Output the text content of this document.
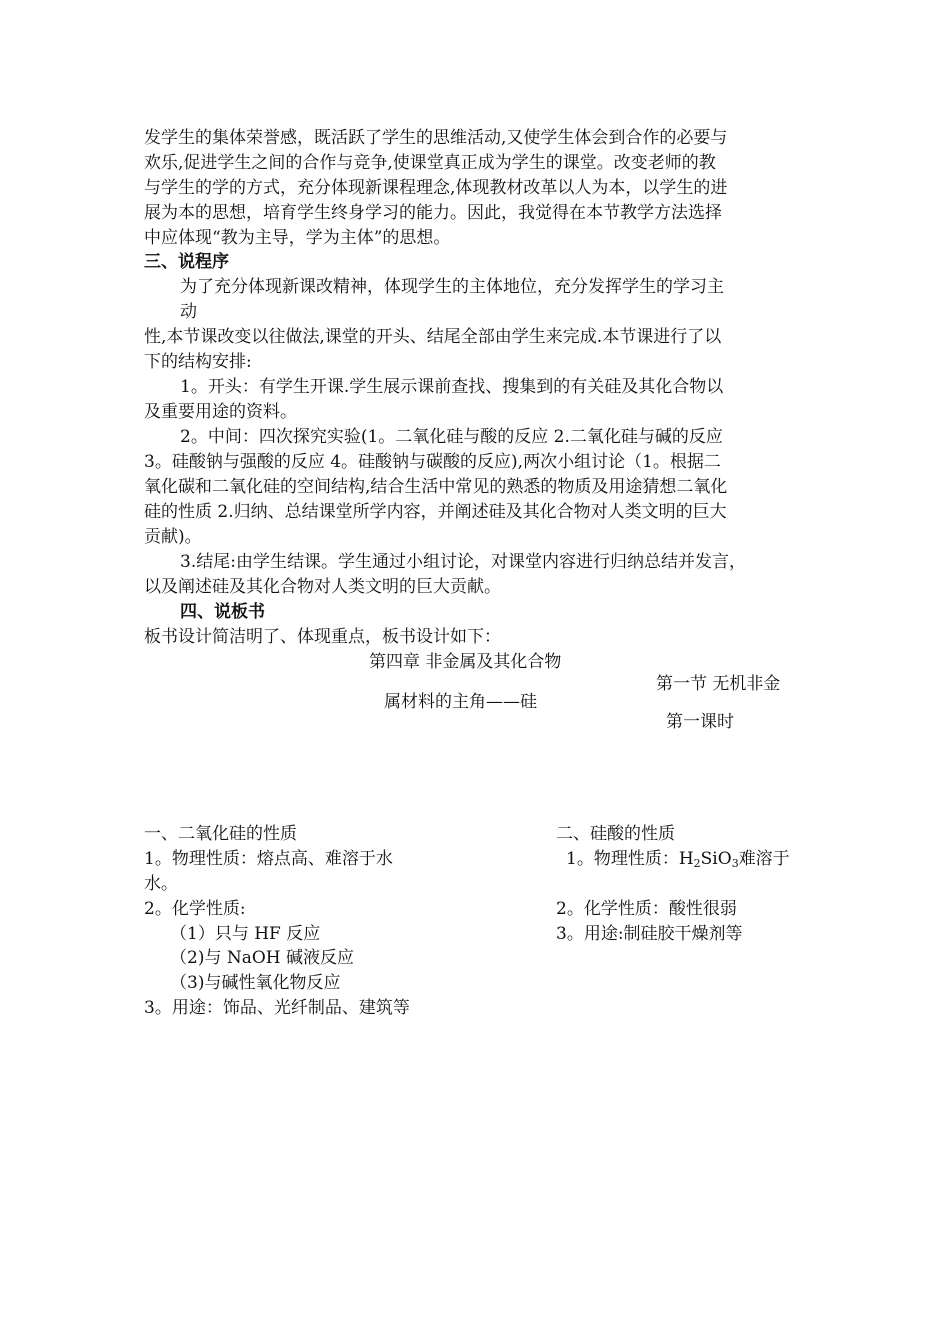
发学生的集体荣誉感，既活跃了学生的思维活动,又使学生体会到合作的必要与
欢乐,促进学生之间的合作与竞争,使课堂真正成为学生的课堂。改变老师的教
与学生的学的方式，充分体现新课程理念,体现教材改革以人为本，以学生的进
展为本的思想，培育学生终身学习的能力。因此，我觉得在本节教学方法选择
中应体现“教为主导，学为主体”的思想。
三、说程序
为了充分体现新课改精神，体现学生的主体地位，充分发挥学生的学习主
动
性,本节课改变以往做法,课堂的开头、结尾全部由学生来完成.本节课进行了以
下的结构安排:
1。开头：有学生开课.学生展示课前查找、搜集到的有关硅及其化合物以
及重要用途的资料。
2。中间：四次探究实验(1。二氧化硅与酸的反应 2.二氧化硅与碱的反应
3。硅酸钠与强酸的反应 4。硅酸钠与碳酸的反应),两次小组讨论（1。根据二
氧化碳和二氧化硅的空间结构,结合生活中常见的熟悉的物质及用途猜想二氧化
硅的性质 2.归纳、总结课堂所学内容，并阐述硅及其化合物对人类文明的巨大
贡献)。
3.结尾:由学生结课。学生通过小组讨论，对课堂内容进行归纳总结并发言，
以及阐述硅及其化合物对人类文明的巨大贡献。
四、说板书
板书设计简洁明了、体现重点，板书设计如下：
第四章 非金属及其化合物
第一节 无机非金
属材料的主角——硅
第一课时
一、二氧化硅的性质
1。物理性质：熔点高、难溶于水
水。
2。化学性质:
（1）只与 HF 反应
（2)与 NaOH 碱液反应
（3)与碱性氧化物反应
3。用途：饰品、光纤制品、建筑等
二、硅酸的性质
1。物理性质：$H_2SiO_3$难溶于
2。化学性质：酸性很弱
3。用途:制硅胶干燥剂等
